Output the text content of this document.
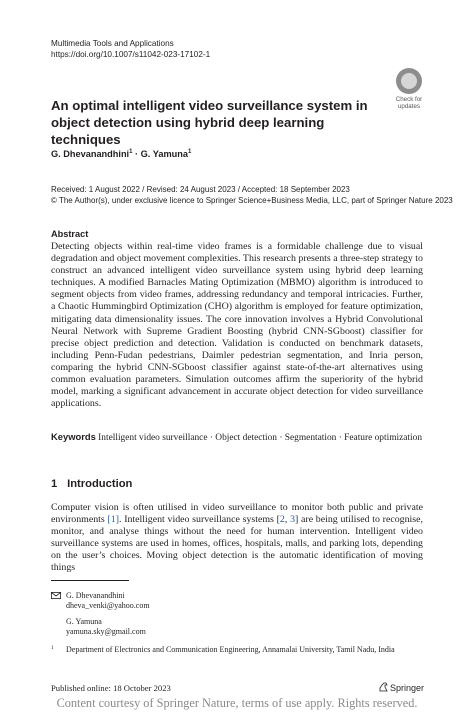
Multimedia Tools and Applications
https://doi.org/10.1007/s11042-023-17102-1
Check for
updates
An optimal intelligent video surveillance system in object detection using hybrid deep learning techniques
G. Dhevanandhini$^1$ · G. Yamuna$^1$
Received: 1 August 2022 / Revised: 24 August 2023 / Accepted: 18 September 2023
© The Author(s), under exclusive licence to Springer Science+Business Media, LLC, part of Springer Nature 2023
Abstract
Detecting objects within real-time video frames is a formidable challenge due to visual degradation and object movement complexities. This research presents a three-step strategy to construct an advanced intelligent video surveillance system using hybrid deep learning techniques. A modified Barnacles Mating Optimization (MBMO) algorithm is introduced to segment objects from video frames, addressing redundancy and temporal intricacies. Further, a Chaotic Hummingbird Optimization (CHO) algorithm is employed for feature optimization, mitigating data dimensionality issues. The core innovation involves a Hybrid Convolutional Neural Network with Supreme Gradient Boosting (hybrid CNN-SGboost) classifier for precise object prediction and detection. Validation is conducted on benchmark datasets, including Penn-Fudan pedestrians, Daimler pedestrian segmentation, and Inria person, comparing the hybrid CNN-SGboost classifier against state-of-the-art alternatives using common evaluation parameters. Simulation outcomes affirm the superiority of the hybrid model, marking a significant advancement in accurate object detection for video surveillance applications.
Keywords Intelligent video surveillance · Object detection · Segmentation · Feature optimization
1 Introduction
Computer vision is often utilised in video surveillance to monitor both public and private environments [1]. Intelligent video surveillance systems [2, 3] are being utilised to recognise, monitor, and analyse things without the need for human intervention. Intelligent video surveillance systems are used in homes, offices, hospitals, malls, and parking lots, depending on the user’s choices. Moving object detection is the automatic identification of moving things
G. Dhevanandhini
dheva_venki@yahoo.com
G. Yamuna
yamuna.sky@gmail.com
1	Department of Electronics and Communication Engineering, Annamalai University, Tamil Nadu, India
Published online: 18 October 2023	Springer
Content courtesy of Springer Nature, terms of use apply. Rights reserved.
